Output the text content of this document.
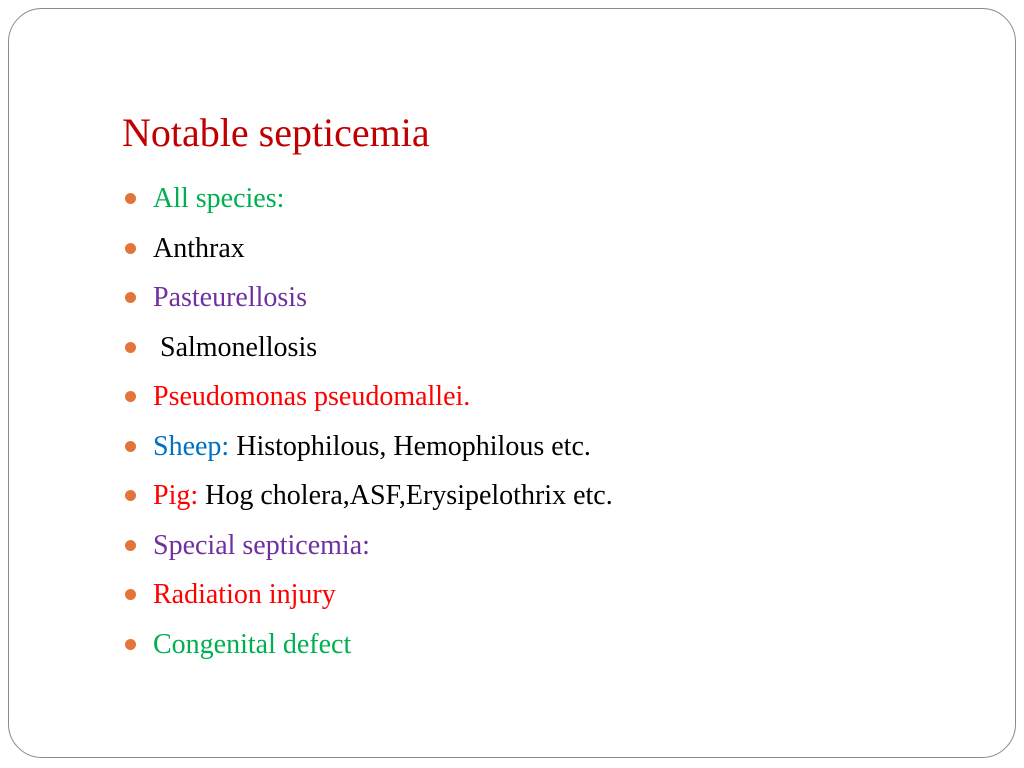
Notable septicemia
All species:
Anthrax
Pasteurellosis
Salmonellosis
Pseudomonas pseudomallei.
Sheep: Histophilous, Hemophilous etc.
Pig: Hog cholera,ASF,Erysipelothrix etc.
Special septicemia:
Radiation injury
Congenital defect
